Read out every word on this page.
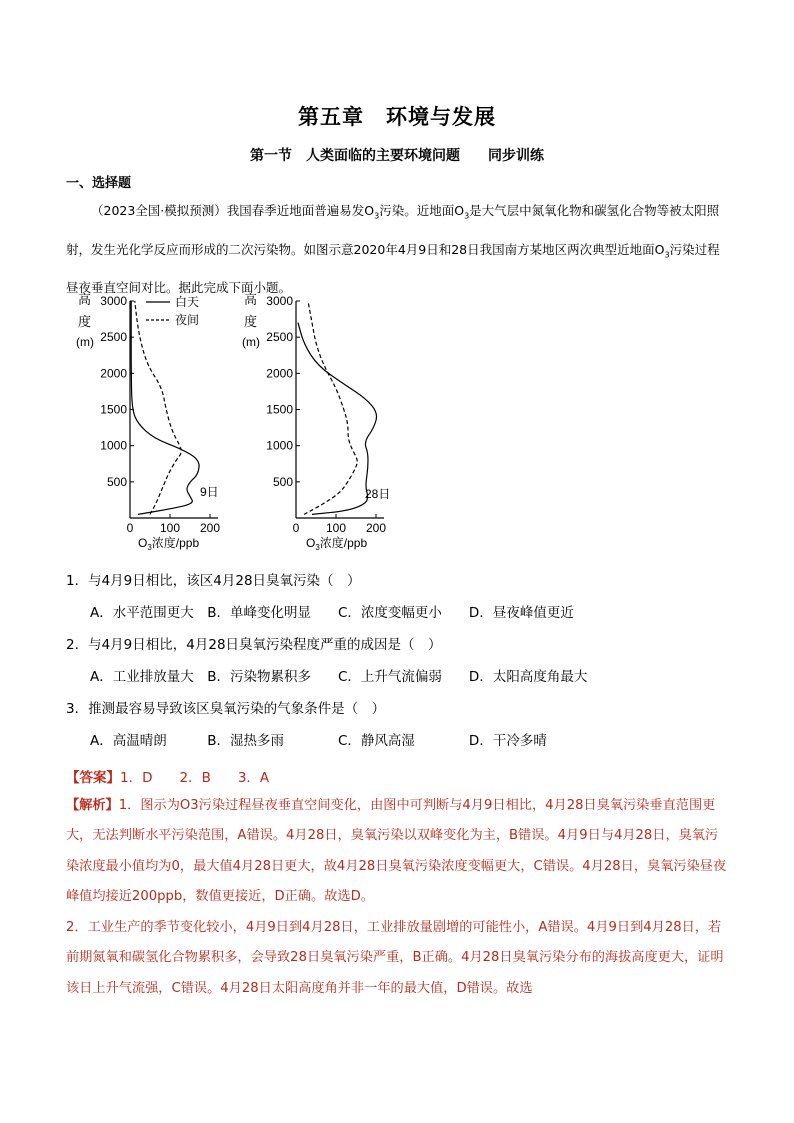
第五章　环境与发展
第一节　人类面临的主要环境问题　　同步训练
一、选择题
（2023全国·模拟预测）我国春季近地面普遍易发$O_3$污染。近地面$O_3$是大气层中氮氧化物和碳氢化合物等被太阳照射，发生光化学反应而形成的二次污染物。如图示意2020年4月9日和28日我国南方某地区两次典型近地面$O_3$污染过程昼夜垂直空间对比。据此完成下面小题。
高
度
(m)
白天
夜间
9日	28日
高
度
(m)
$O_3$浓度/ppb	$O_3$浓度/ppb
3000
2500
2000
1500
1000
500
0 100 200
3000
2500
2000
1500
1000
500
0 100 200
1．与4月9日相比，该区4月28日臭氧污染（　）
A．水平范围更大　B．单峰变化明显　　C．浓度变幅更小　　D．昼夜峰值更近
2．与4月9日相比，4月28日臭氧污染程度严重的成因是（　）
A．工业排放量大　B．污染物累积多　　C．上升气流偏弱　　D．太阳高度角最大
3．推测最容易导致该区臭氧污染的气象条件是（　）
A．高温晴朗　　　B．湿热多雨　　　　C．静风高湿　　　　D．干冷多晴
【答案】1．D　　2．B　　3．A
【解析】1．图示为O3污染过程昼夜垂直空间变化，由图中可判断与4月9日相比，4月28日臭氧污染垂直范围更大，无法判断水平污染范围，A错误。4月28日，臭氧污染以双峰变化为主，B错误。4月9日与4月28日，臭氧污染浓度最小值均为0，最大值4月28日更大，故4月28日臭氧污染浓度变幅更大，C错误。4月28日，臭氧污染昼夜峰值均接近200ppb，数值更接近，D正确。故选D。
2．工业生产的季节变化较小，4月9日到4月28日，工业排放量剧增的可能性小，A错误。4月9日到4月28日，若前期氮氧和碳氢化合物累积多，会导致28日臭氧污染严重，B正确。4月28日臭氧污染分布的海拔高度更大，证明该日上升气流强，C错误。4月28日太阳高度角并非一年的最大值，D错误。故选
